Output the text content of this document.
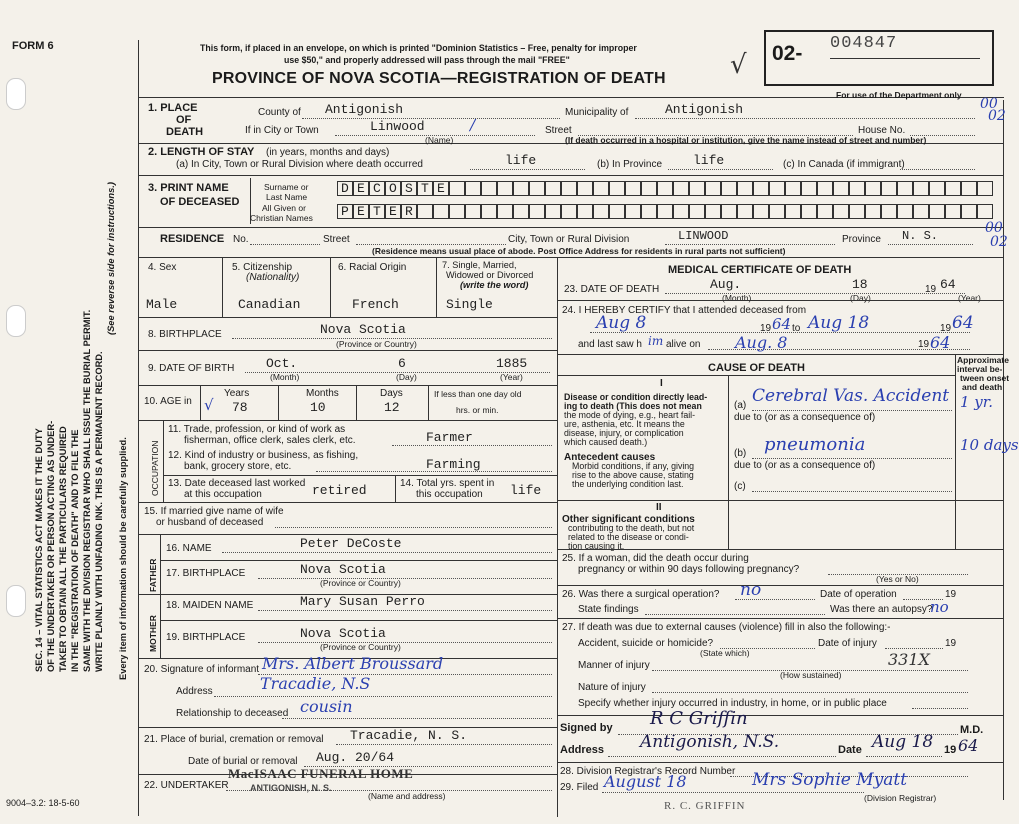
SEC. 14 – VITAL STATISTICS ACT MAKES IT THE DUTY OF THE UNDERTAKER OR PERSON ACTING AS UNDER- TAKER TO OBTAIN ALL THE PARTICULARS REQUIRED IN THE "REGISTRATION OF DEATH" AND TO FILE THE SAME WITH THE DIVISION REGISTRAR WHO SHALL ISSUE THE BURIAL PERMIT. WRITE PLAINLY WITH UNFADING INK. THIS IS A PERMANENT RECORD.
(See reverse side for instructions.)
Every item of information should be carefully supplied.
FORM 6	This form, if placed in an envelope, on which is printed "Dominion Statistics – Free, penalty for improper
use $50," and properly addressed will pass through the mail "FREE"
PROVINCE OF NOVA SCOTIA—REGISTRATION OF DEATH √ 02- 004847
For use of the Department only
00
02
00
02
1. PLACE
OF
DEATH
County of Antigonish	Municipality of	Antigonish
If in City or Town	Linwood	/
(Name)
Street	House No.
(If death occurred in a hospital or institution, give the name instead of street and number)
2. LENGTH OF STAY (in years, months and days)
(a) In City, Town or Rural Division where death occurred	life	(b) In Province life	(c) In Canada (if immigrant)
3. PRINT NAME
OF DECEASED
Surname or
Last Name
All Given or
Christian Names
D E C O S T E
P E T E R
RESIDENCE No.	Street	City, Town or Rural Division	LINWOOD	Province N. S.
(Residence means usual place of abode. Post Office Address for residents in rural parts not sufficient)
4. Sex	5. Citizenship
(Nationality)
6. Racial Origin	7. Single, Married,
Widowed or Divorced
(write the word)
Male	Canadian	French	Single
8. BIRTHPLACE	Nova Scotia
(Province or Country)
9. DATE OF BIRTH Oct.	6	1885
(Month)	(Day)	(Year)
10. AGE in
Years	Months	Days	If less than one day old
hrs. or min.
√ 78	10	12
OCCUPATION
11. Trade, profession, or kind of work as
fisherman, office clerk, sales clerk, etc.	Farmer
12. Kind of industry or business, as fishing,
bank, grocery store, etc.	Farming
13. Date deceased last worked
at this occupation	retired	14. Total yrs. spent in
this occupation life
15. If married give name of wife
or husband of deceased
FATHER
MOTHER
16. NAME	Peter DeCoste
17. BIRTHPLACE	Nova Scotia
(Province or Country)
18. MAIDEN NAME	Mary Susan Perro
19. BIRTHPLACE	Nova Scotia
(Province or Country)
20. Signature of informant Mrs. Albert Broussard
Address	Tracadie, N.S
Relationship to deceased cousin
21. Place of burial, cremation or removal Tracadie, N. S.
Date of burial or removal Aug. 20/64
22. UNDERTAKER
MacISAAC FUNERAL HOME
ANTIGONISH, N. S.
(Name and address)
9004–3.2: 18-5-60
MEDICAL CERTIFICATE OF DEATH
23. DATE OF DEATH	Aug.	18	19 64
(Month)	(Day)	(Year)
24. I HEREBY CERTIFY that I attended deceased from
Aug 8	19 64 to Aug 18	19 64
and last saw h im alive on Aug. 8	19 64
CAUSE OF DEATH
Approximate
interval be-
tween onset
and death
I
Disease or condition directly lead-
ing to death (This does not mean
the mode of dying, e.g., heart fail-
ure, asthenia, etc. It means the
disease, injury, or complication
which caused death.)
(a) Cerebral Vas. Accident 1 yr.
due to (or as a consequence of)
Antecedent causes
Morbid conditions, if any, giving
rise to the above cause, stating
the underlying condition last.
(b) pneumonia	10 days
due to (or as a consequence of)
(c)
II
Other significant conditions
contributing to the death, but not
related to the disease or condi-
tion causing it.
25. If a woman, did the death occur during
pregnancy or within 90 days following pregnancy?
(Yes or No)
26. Was there a surgical operation? no	Date of operation	19
State findings	Was there an autopsy?
no
27. If death was due to external causes (violence) fill in also the following:-
Accident, suicide or homicide?	Date of injury	19
(State which)
Manner of injury	331X
(How sustained)
Nature of injury
Specify whether injury occurred in industry, in home, or in public place
Signed by R C Griffin
M.D.
Address Antigonish, N.S.	Date Aug 18 19 64
28. Division Registrar's Record Number
29. Filed August 18	Mrs Sophie Myatt
(Division Registrar)
R. C. GRIFFIN
